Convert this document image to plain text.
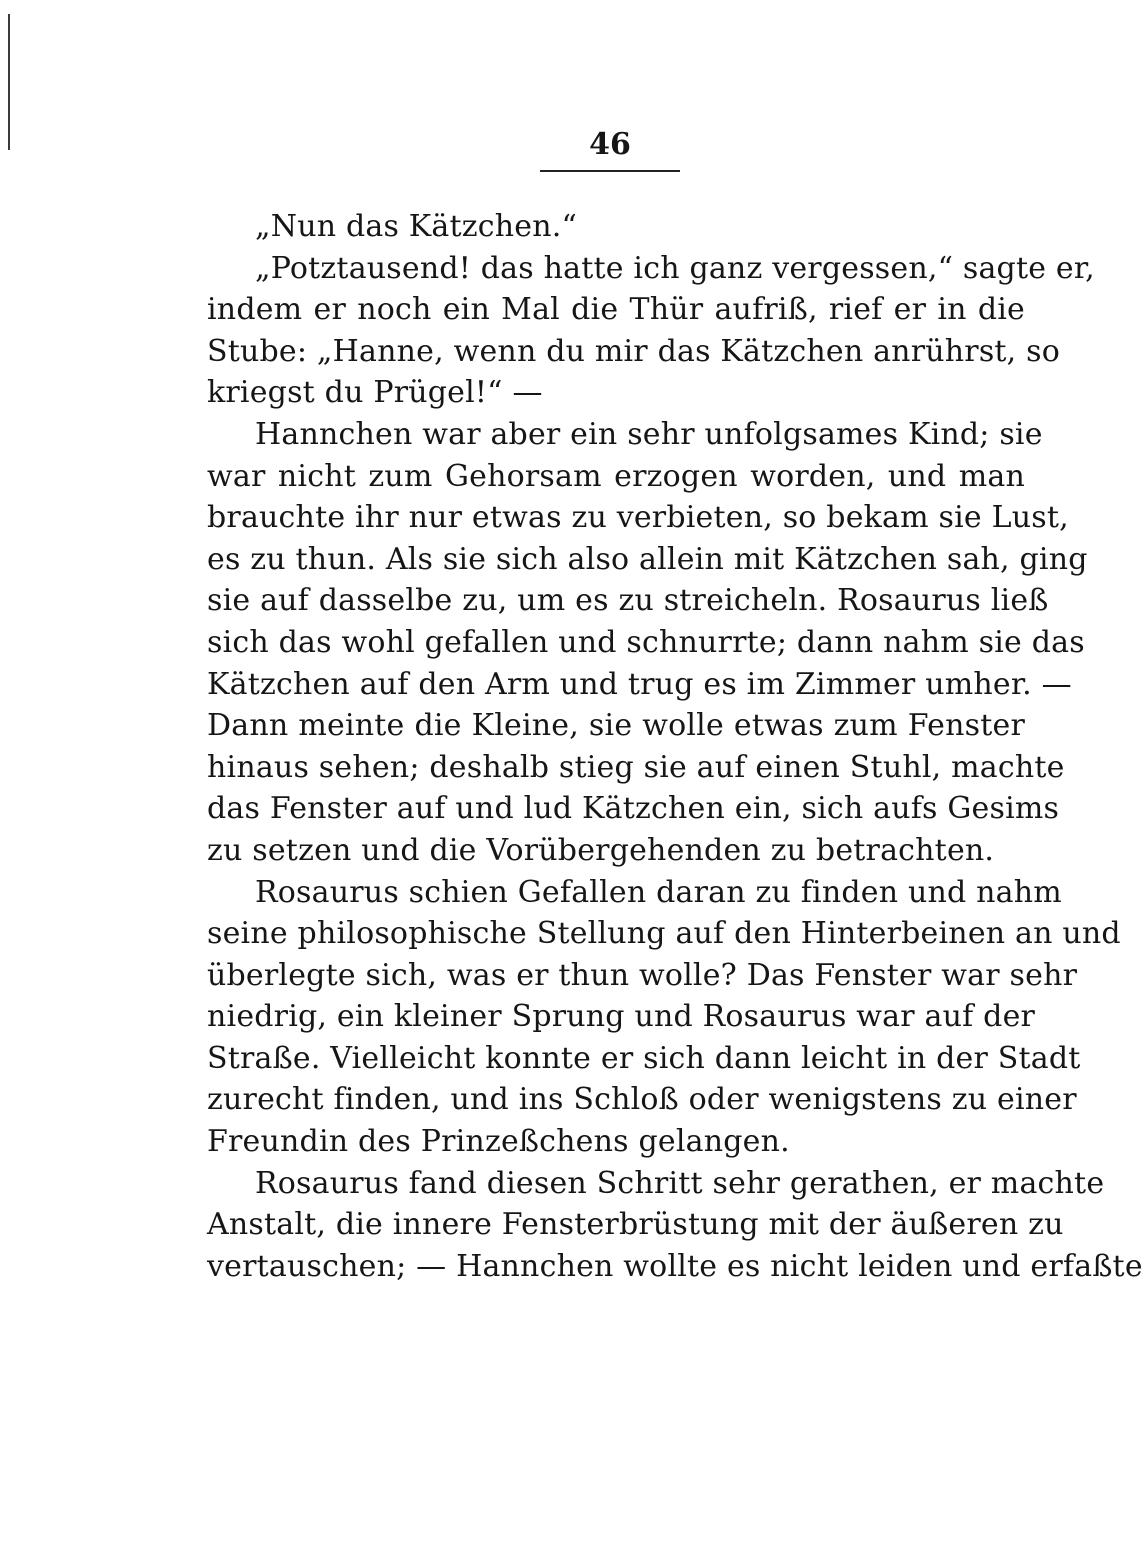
46
„Nun das Kätzchen.“
„Potztausend! das hatte ich ganz vergessen,“ sagte er,
indem er noch ein Mal die Thür aufriß, rief er in die
Stube: „Hanne, wenn du mir das Kätzchen anrührst, so
kriegst du Prügel!“ —
Hannchen war aber ein sehr unfolgsames Kind; sie
war nicht zum Gehorsam erzogen worden, und man
brauchte ihr nur etwas zu verbieten, so bekam sie Lust,
es zu thun. Als sie sich also allein mit Kätzchen sah, ging
sie auf dasselbe zu, um es zu streicheln. Rosaurus ließ
sich das wohl gefallen und schnurrte; dann nahm sie das
Kätzchen auf den Arm und trug es im Zimmer umher. —
Dann meinte die Kleine, sie wolle etwas zum Fenster
hinaus sehen; deshalb stieg sie auf einen Stuhl, machte
das Fenster auf und lud Kätzchen ein, sich aufs Gesims
zu setzen und die Vorübergehenden zu betrachten.
Rosaurus schien Gefallen daran zu finden und nahm
seine philosophische Stellung auf den Hinterbeinen an und
überlegte sich, was er thun wolle? Das Fenster war sehr
niedrig, ein kleiner Sprung und Rosaurus war auf der
Straße. Vielleicht konnte er sich dann leicht in der Stadt
zurecht finden, und ins Schloß oder wenigstens zu einer
Freundin des Prinzeßchens gelangen.
Rosaurus fand diesen Schritt sehr gerathen, er machte
Anstalt, die innere Fensterbrüstung mit der äußeren zu
vertauschen; — Hannchen wollte es nicht leiden und erfaßte
